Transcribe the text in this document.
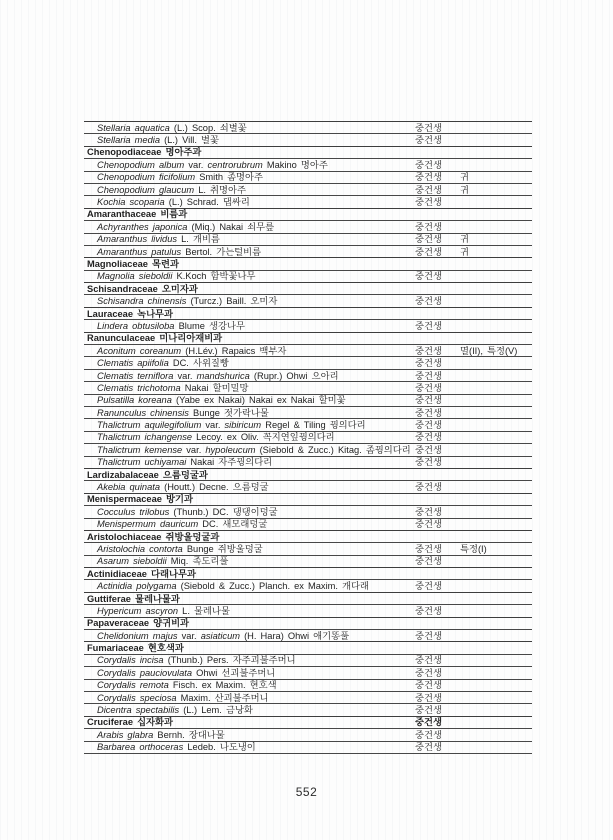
Stellaria aquatica (L.) Scop. 쇠별꽃	중건생
Stellaria media (L.) Vill. 별꽃	중건생
Chenopodiaceae 명아주과
Chenopodium album var. centrorubrum Makino 명아주	중건생
Chenopodium ficifolium Smith 좀명아주	중건생	귀
Chenopodium glaucum L. 취명아주	중건생	귀
Kochia scoparia (L.) Schrad. 댑싸리	중건생
Amaranthaceae 비름과
Achyranthes japonica (Miq.) Nakai 쇠무릎	중건생
Amaranthus lividus L. 개비름	중건생	귀
Amaranthus patulus Bertol. 가는털비름	중건생	귀
Magnoliaceae 목련과
Magnolia sieboldii K.Koch 함박꽃나무	중건생
Schisandraceae 오미자과
Schisandra chinensis (Turcz.) Baill. 오미자	중건생
Lauraceae 녹나무과
Lindera obtusiloba Blume 생강나무	중건생
Ranunculaceae 미나리아재비과
Aconitum coreanum (H.Lév.) Rapaics 백부자	중건생	멸(II), 특정(V)
Clematis apiifolia DC. 사위질빵	중건생
Clematis terniflora var. mandshurica (Rupr.) Ohwi 으아리	중건생
Clematis trichotoma Nakai 할미밀망	중건생
Pulsatilla koreana (Yabe ex Nakai) Nakai ex Nakai 할미꽃	중건생
Ranunculus chinensis Bunge 젓가락나물	중건생
Thalictrum aquilegifolium var. sibiricum Regel & Tiling 꿩의다리	중건생
Thalictrum ichangense Lecoy. ex Oliv. 꼭지연잎꿩의다리	중건생
Thalictrum kemense var. hypoleucum (Siebold & Zucc.) Kitag. 좀꿩의다리 중건생
Thalictrum uchiyamai Nakai 자주꿩의다리	중건생
Lardizabalaceae 으름덩굴과
Akebia quinata (Houtt.) Decne. 으름덩굴	중건생
Menispermaceae 방기과
Cocculus trilobus (Thunb.) DC. 댕댕이덩굴	중건생
Menispermum dauricum DC. 새모래덩굴	중건생
Aristolochiaceae 쥐방울덩굴과
Aristolochia contorta Bunge 쥐방울덩굴	중건생	특정(I)
Asarum sieboldii Miq. 족도리풀	중건생
Actinidiaceae 다래나무과
Actinidia polygama (Siebold & Zucc.) Planch. ex Maxim. 개다래	중건생
Guttiferae 물레나물과
Hypericum ascyron L. 물레나물	중건생
Papaveraceae 양귀비과
Chelidonium majus var. asiaticum (H. Hara) Ohwi 애기똥풀	중건생
Fumariaceae 현호색과
Corydalis incisa (Thunb.) Pers. 자주괴불주머니	중건생
Corydalis pauciovulata Ohwi 선괴불주머니	중건생
Corydalis remota Fisch. ex Maxim. 현호색	중건생
Corydalis speciosa Maxim. 산괴불주머니	중건생
Dicentra spectabilis (L.) Lem. 금낭화	중건생
Cruciferae 십자화과	중건생
Arabis glabra Bernh. 장대나물	중건생
Barbarea orthoceras Ledeb. 나도냉이	중건생
552
